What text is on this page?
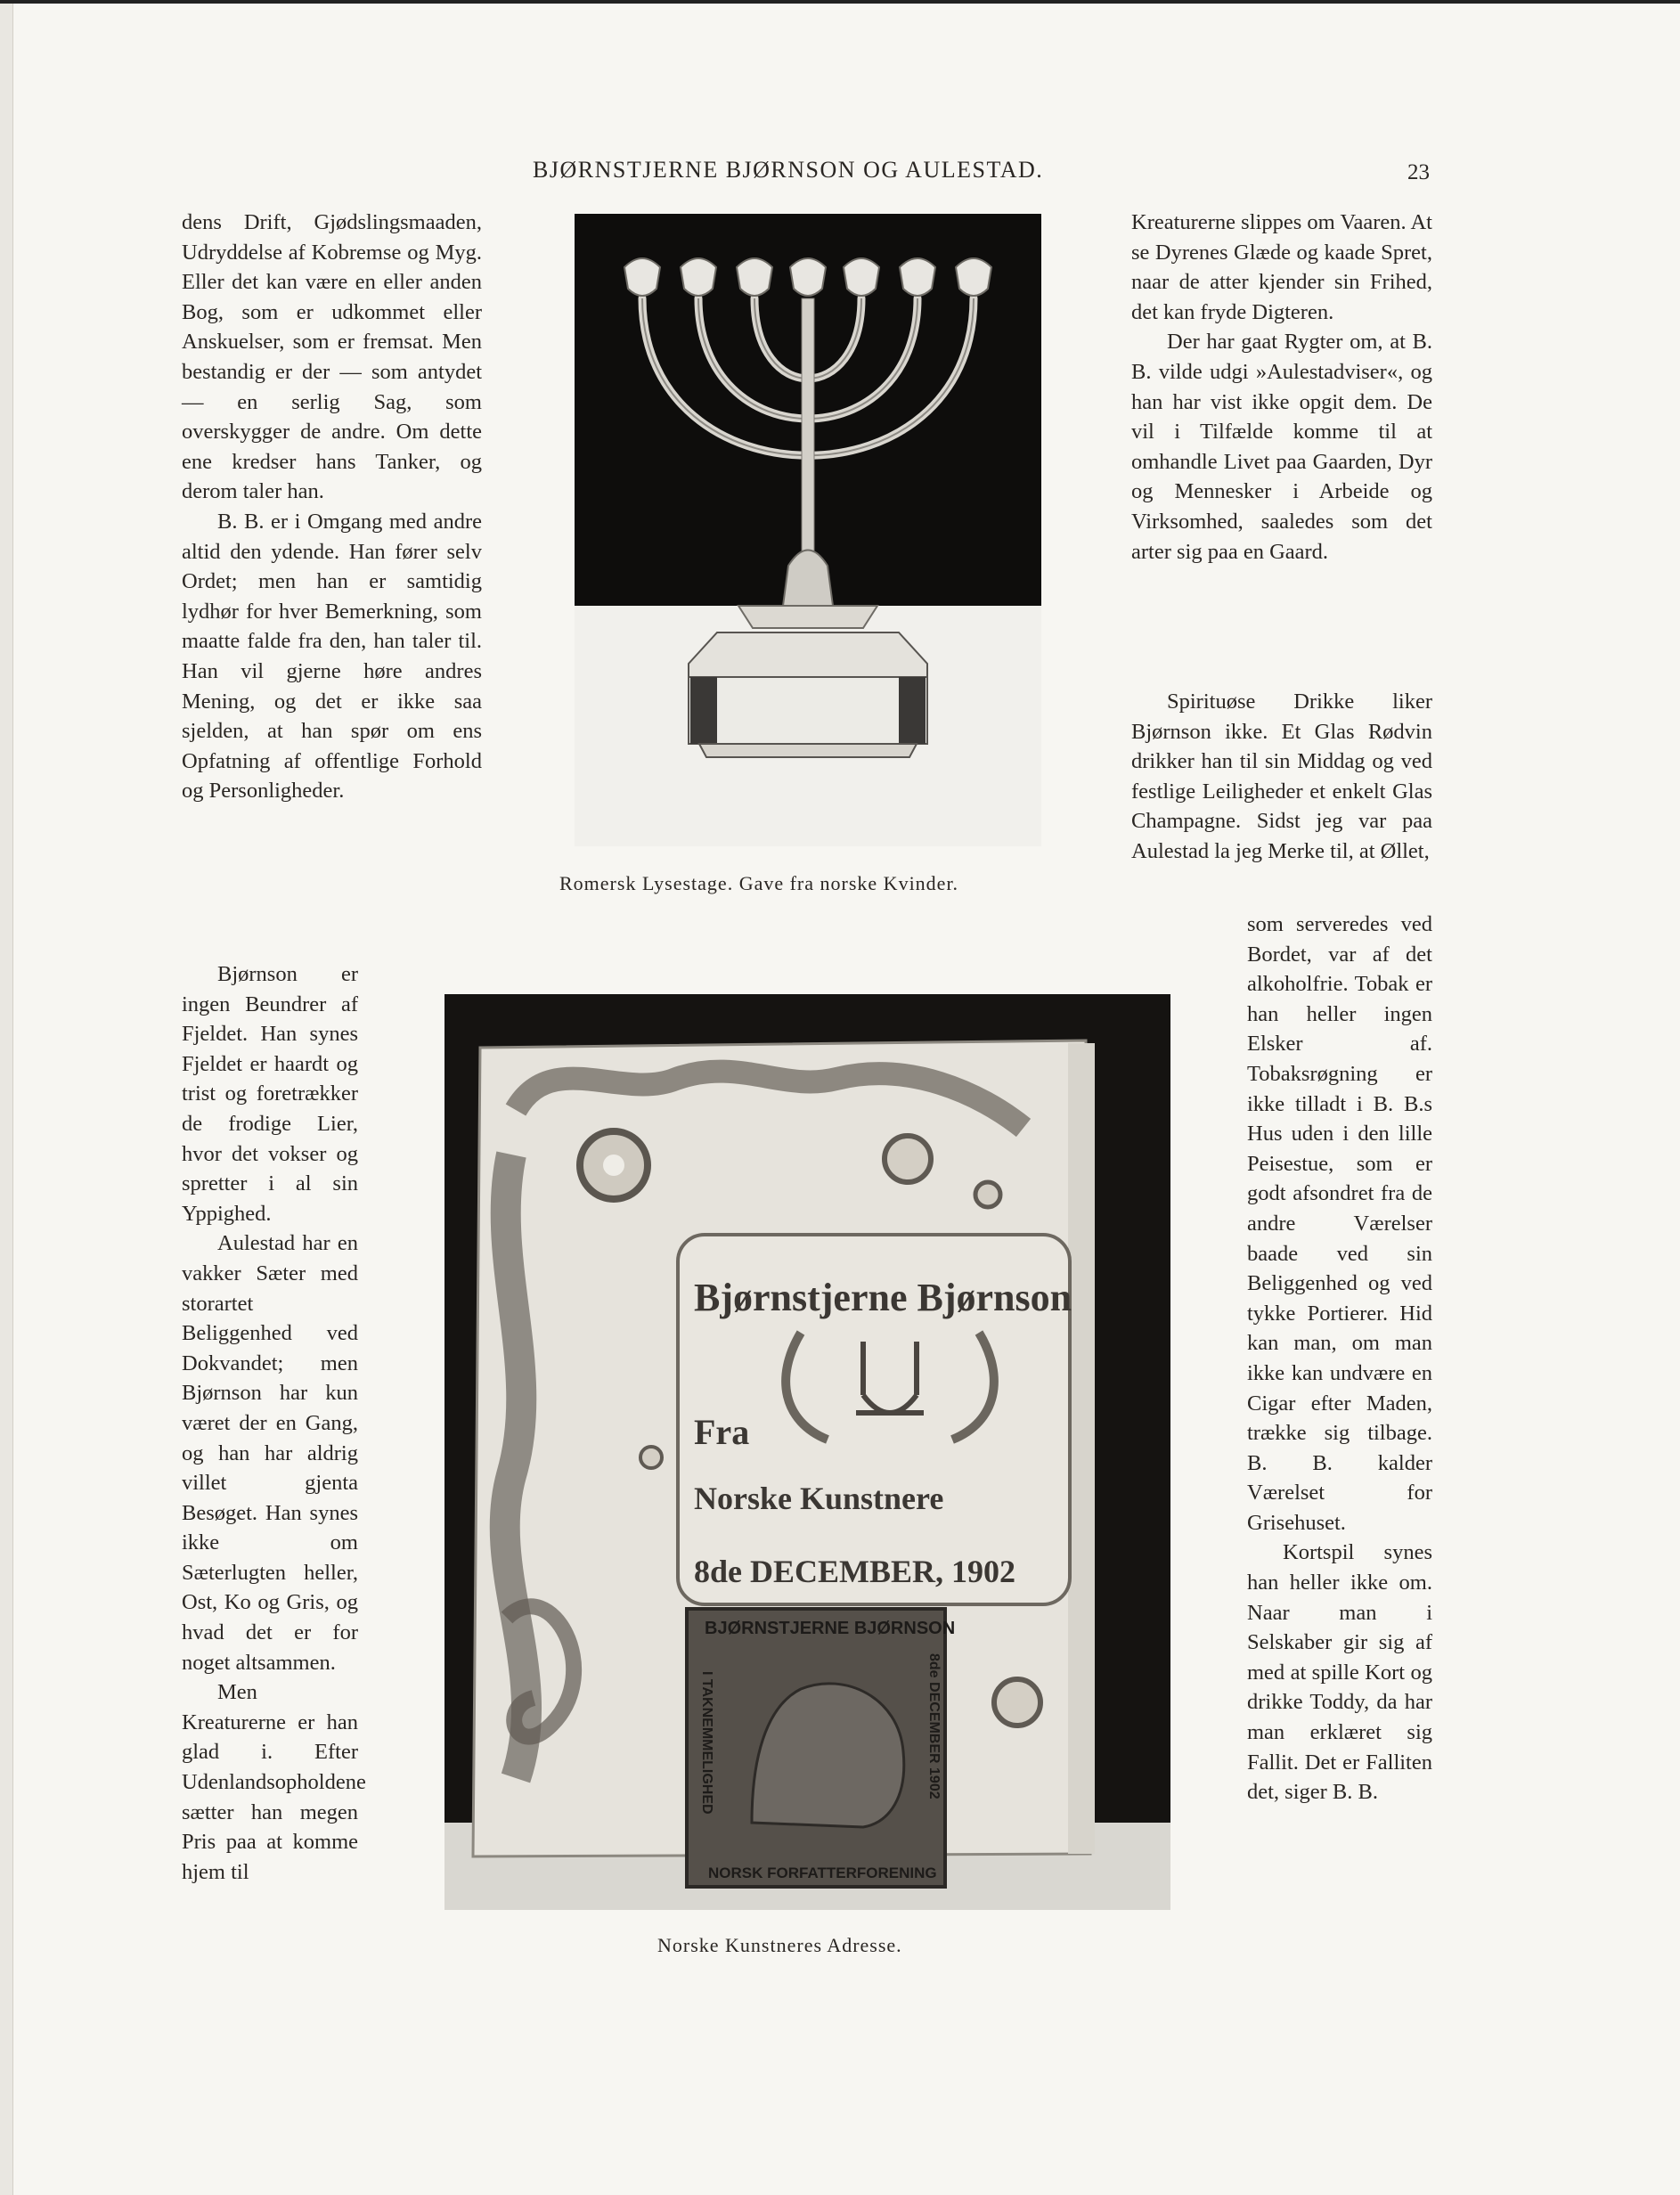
BJØRNSTJERNE BJØRNSON OG AULESTAD.	23

dens Drift, Gjødslingsmaaden, Udryddelse af Kobremse og Myg. Eller det kan være en eller anden Bog, som er udkommet eller Anskuelser, som er fremsat. Men bestandig er der — som antydet — en serlig Sag, som overskygger de andre. Om dette ene kredser hans Tanker, og derom taler han.

B. B. er i Omgang med andre altid den ydende. Han fører selv Ordet; men han er samtidig lydhør for hver Bemerkning, som maatte falde fra den, han taler til. Han vil gjerne høre andres Mening, og det er ikke saa sjelden, at han spør om ens Opfatning af offentlige Forhold og Personligheder.

Bjørnson er ingen Beundrer af Fjeldet. Han synes Fjeldet er haardt og trist og foretrækker de frodige Lier, hvor det vokser og spretter i al sin Yppighed.

Aulestad har en vakker Sæter med storartet Beliggenhed ved Dokvandet; men Bjørnson har kun været der en Gang, og han har aldrig villet gjenta Besøget. Han synes ikke om Sæterlugten heller, Ost, Ko og Gris, og hvad det er for noget altsammen.

Men Kreaturerne er han glad i. Efter Udenlandsopholdene sætter han megen Pris paa at komme hjem til

Kreaturerne slippes om Vaaren. At se Dyrenes Glæde og kaade Spret, naar de atter kjender sin Frihed, det kan fryde Digteren.

Der har gaat Rygter om, at B. B. vilde udgi »Aulestadviser«, og han har vist ikke opgit dem. De vil i Tilfælde komme til at omhandle Livet paa Gaarden, Dyr og Mennesker i Arbeide og Virksomhed, saaledes som det arter sig paa en Gaard.

Spirituøse Drikke liker Bjørnson ikke. Et Glas Rødvin drikker han til sin Middag og ved festlige Leiligheder et enkelt Glas Champagne. Sidst jeg var paa Aulestad la jeg Merke til, at Øllet,

som serveredes ved Bordet, var af det alkoholfrie. Tobak er han heller ingen Elsker af. Tobaksrøgning er ikke tilladt i B. B.s Hus uden i den lille Peisestue, som er godt afsondret fra de andre Værelser baade ved sin Beliggenhed og ved tykke Portierer. Hid kan man, om man ikke kan undvære en Cigar efter Maden, trække sig tilbage. B. B. kalder Værelset for Grisehuset.

Kortspil synes han heller ikke om. Naar man i Selskaber gir sig af med at spille Kort og drikke Toddy, da har man erklæret sig Fallit. Det er Falliten det, siger B. B.

Romersk Lysestage. Gave fra norske Kvinder.
Bjørnstjerne Bjørnson
Fra
Norske Kunstnere
8de DECEMBER, 1902
BJØRNSTJERNE BJØRNSON
NORSK FORFATTERFORENING
I TAKNEMMELIGHED	8de DECEMBER 1902
Norske Kunstneres Adresse.
